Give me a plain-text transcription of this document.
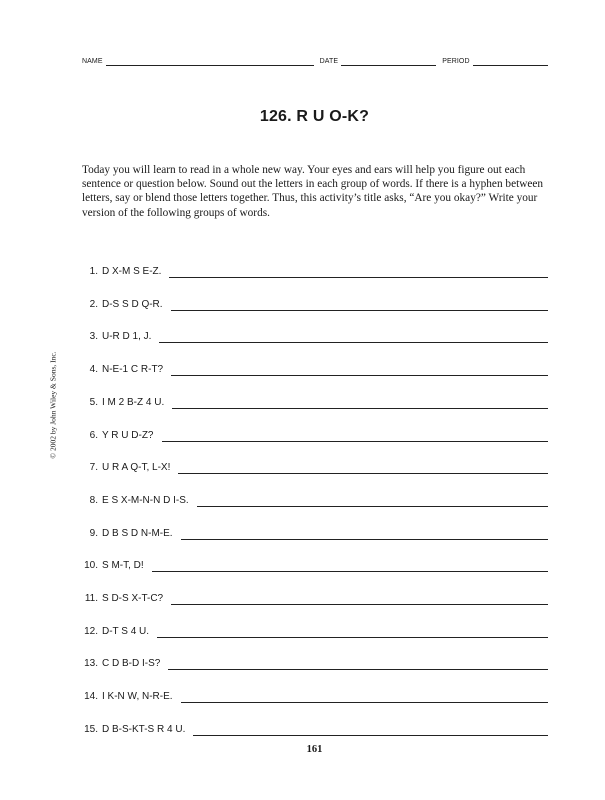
NAME	DATE	PERIOD
126. R U O-K?

Today you will learn to read in a whole new way. Your eyes and ears will help you figure out each sentence or question below. Sound out the letters in each group of words. If there is a hyphen between letters, say or blend those letters together. Thus, this activity’s title asks, “Are you okay?” Write your version of the following groups of words.

© 2002 by John Wiley & Sons, Inc.
1. D X-M S E-Z.
2. D-S S D Q-R.
3. U-R D 1, J.
4. N-E-1 C R-T?
5. I M 2 B-Z 4 U.
6. Y R U D-Z?
7. U R A Q-T, L-X!
8. E S X-M-N-N D I-S.
9. D B S D N-M-E.
10. S M-T, D!
11. S D-S X-T-C?
12. D-T S 4 U.
13. C D B-D I-S?
14. I K-N W, N-R-E.
15. D B-S-KT-S R 4 U.
161
